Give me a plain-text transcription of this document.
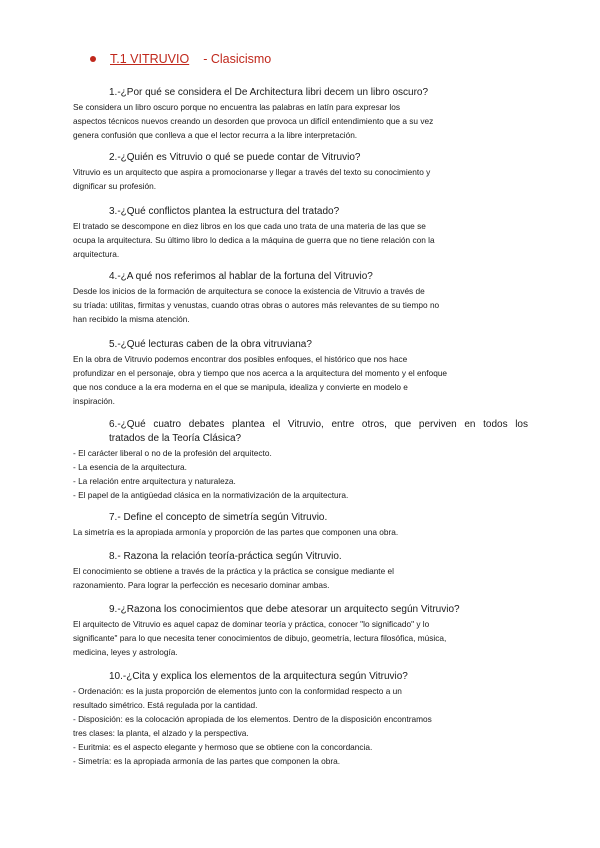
T.1 VITRUVIO - Clasicismo
1.-¿Por qué se considera el De Architectura libri decem un libro oscuro?
Se considera un libro oscuro porque no encuentra las palabras en latín para expresar los
aspectos técnicos nuevos creando un desorden que provoca un difícil entendimiento que a su vez
genera confusión que conlleva a que el lector recurra a la libre interpretación.
2.-¿Quién es Vitruvio o qué se puede contar de Vitruvio?
Vitruvio es un arquitecto que aspira a promocionarse y llegar a través del texto su conocimiento y
dignificar su profesión.
3.-¿Qué conflictos plantea la estructura del tratado?
El tratado se descompone en diez libros en los que cada uno trata de una materia de las que se
ocupa la arquitectura. Su último libro lo dedica a la máquina de guerra que no tiene relación con la
arquitectura.
4.-¿A qué nos referimos al hablar de la fortuna del Vitruvio?
Desde los inicios de la formación de arquitectura se conoce la existencia de Vitruvio a través de
su tríada: utilitas, firmitas y venustas, cuando otras obras o autores más relevantes de su tiempo no
han recibido la misma atención.
5.-¿Qué lecturas caben de la obra vitruviana?
En la obra de Vitruvio podemos encontrar dos posibles enfoques, el histórico que nos hace
profundizar en el personaje, obra y tiempo que nos acerca a la arquitectura del momento y el enfoque
que nos conduce a la era moderna en el que se manipula, idealiza y convierte en modelo e
inspiración.
6.-¿Qué cuatro debates plantea el Vitruvio, entre otros, que perviven en todos los
tratados de la Teoría Clásica?
- El carácter liberal o no de la profesión del arquitecto.
- La esencia de la arquitectura.
- La relación entre arquitectura y naturaleza.
- El papel de la antigüedad clásica en la normativización de la arquitectura.
7.- Define el concepto de simetría según Vitruvio.
La simetría es la apropiada armonía y proporción de las partes que componen una obra.
8.- Razona la relación teoría-práctica según Vitruvio.
El conocimiento se obtiene a través de la práctica y la práctica se consigue mediante el
razonamiento. Para lograr la perfección es necesario dominar ambas.
9.-¿Razona los conocimientos que debe atesorar un arquitecto según Vitruvio?
El arquitecto de Vitruvio es aquel capaz de dominar teoría y práctica, conocer "lo significado" y lo
significante" para lo que necesita tener conocimientos de dibujo, geometría, lectura filosófica, música,
medicina, leyes y astrología.
10.-¿Cita y explica los elementos de la arquitectura según Vitruvio?
- Ordenación: es la justa proporción de elementos junto con la conformidad respecto a un
resultado simétrico. Está regulada por la cantidad.
- Disposición: es la colocación apropiada de los elementos. Dentro de la disposición encontramos
tres clases: la planta, el alzado y la perspectiva.
- Euritmia: es el aspecto elegante y hermoso que se obtiene con la concordancia.
- Simetría: es la apropiada armonía de las partes que componen la obra.
